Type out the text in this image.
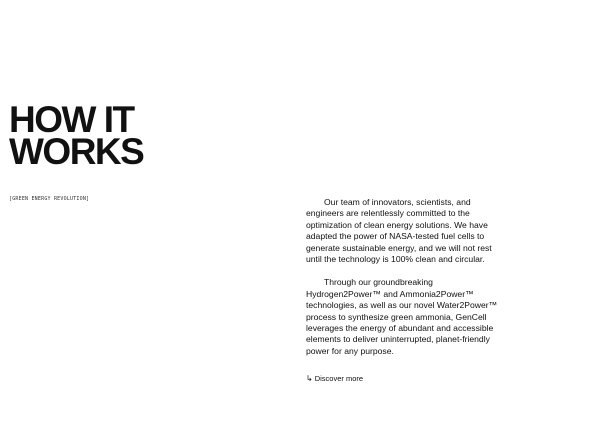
HOW IT
WORKS
[GREEN ENERGY REVOLUTION]	Our team of innovators, scientists, and engineers are relentlessly committed to the optimization of clean energy solutions. We have adapted the power of NASA-tested fuel cells to generate sustainable energy, and we will not rest until the technology is 100% clean and circular.

Through our groundbreaking Hydrogen2Power™ and Ammonia2Power™ technologies, as well as our novel Water2Power™ process to synthesize green ammonia, GenCell leverages the energy of abundant and accessible elements to deliver uninterrupted, planet-friendly power for any purpose.

↳ Discover more
